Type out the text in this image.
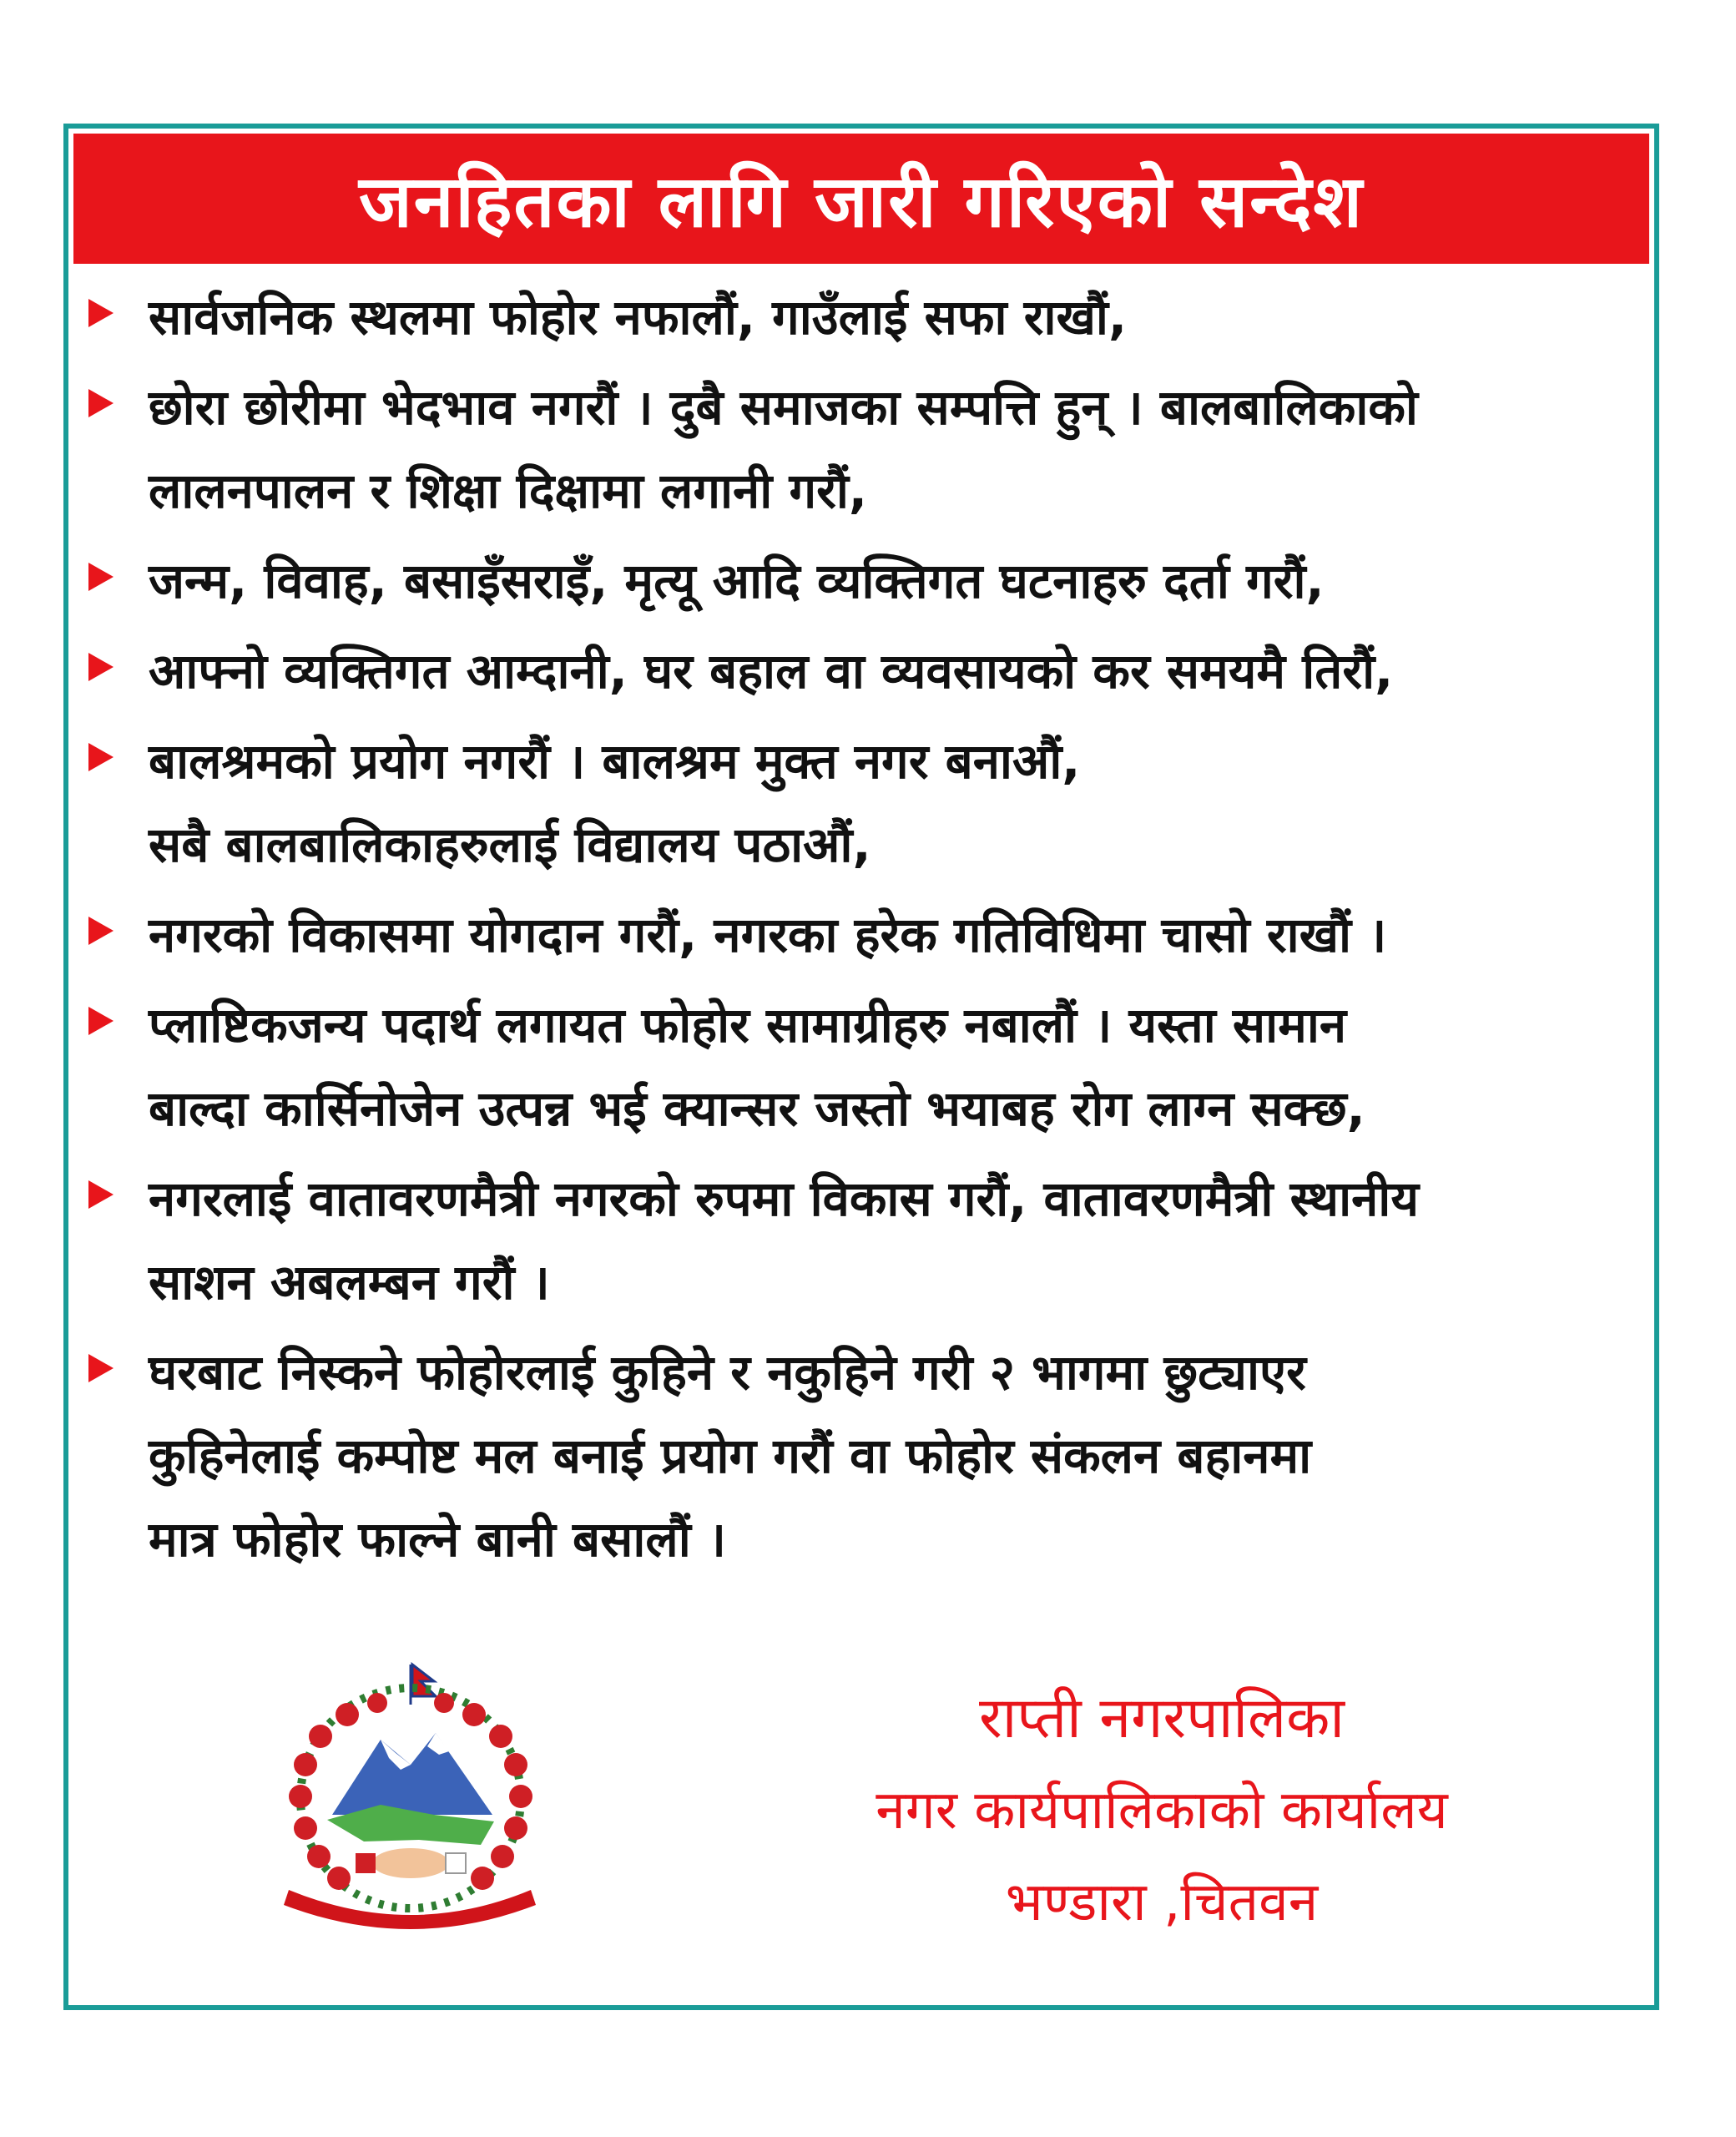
जनहितका लागि जारी गरिएको सन्देश
सार्वजनिक स्थलमा फोहोर नफालौं, गाउँलाई सफा राखौं,
छोरा छोरीमा भेदभाव नगरौं । दुबै समाजका सम्पत्ति हुन् । बालबालिकाको
लालनपालन र शिक्षा दिक्षामा लगानी गरौं,
जन्म, विवाह, बसाइँसराइँ, मृत्यू आदि व्यक्तिगत घटनाहरु दर्ता गरौं,
आफ्नो व्यक्तिगत आम्दानी, घर बहाल वा व्यवसायको कर समयमै तिरौं,
बालश्रमको प्रयोग नगरौं । बालश्रम मुक्त नगर बनाऔं,
सबै बालबालिकाहरुलाई विद्यालय पठाऔं,
नगरको विकासमा योगदान गरौं, नगरका हरेक गतिविधिमा चासो राखौं ।
प्लाष्टिकजन्य पदार्थ लगायत फोहोर सामाग्रीहरु नबालौं । यस्ता सामान
बाल्दा कार्सिनोजेन उत्पन्न भई क्यान्सर जस्तो भयाबह रोग लाग्न सक्छ,
नगरलाई वातावरणमैत्री नगरको रुपमा विकास गरौं, वातावरणमैत्री स्थानीय
साशन अबलम्बन गरौं ।
घरबाट निस्कने फोहोरलाई कुहिने र नकुहिने गरी २ भागमा छुट्याएर
कुहिनेलाई कम्पोष्ट मल बनाई प्रयोग गरौं वा फोहोर संकलन बहानमा
मात्र फोहोर फाल्ने बानी बसालौं ।
राप्ती नगरपालिका
नगर कार्यपालिकाको कार्यालय
भण्डारा ,चितवन
